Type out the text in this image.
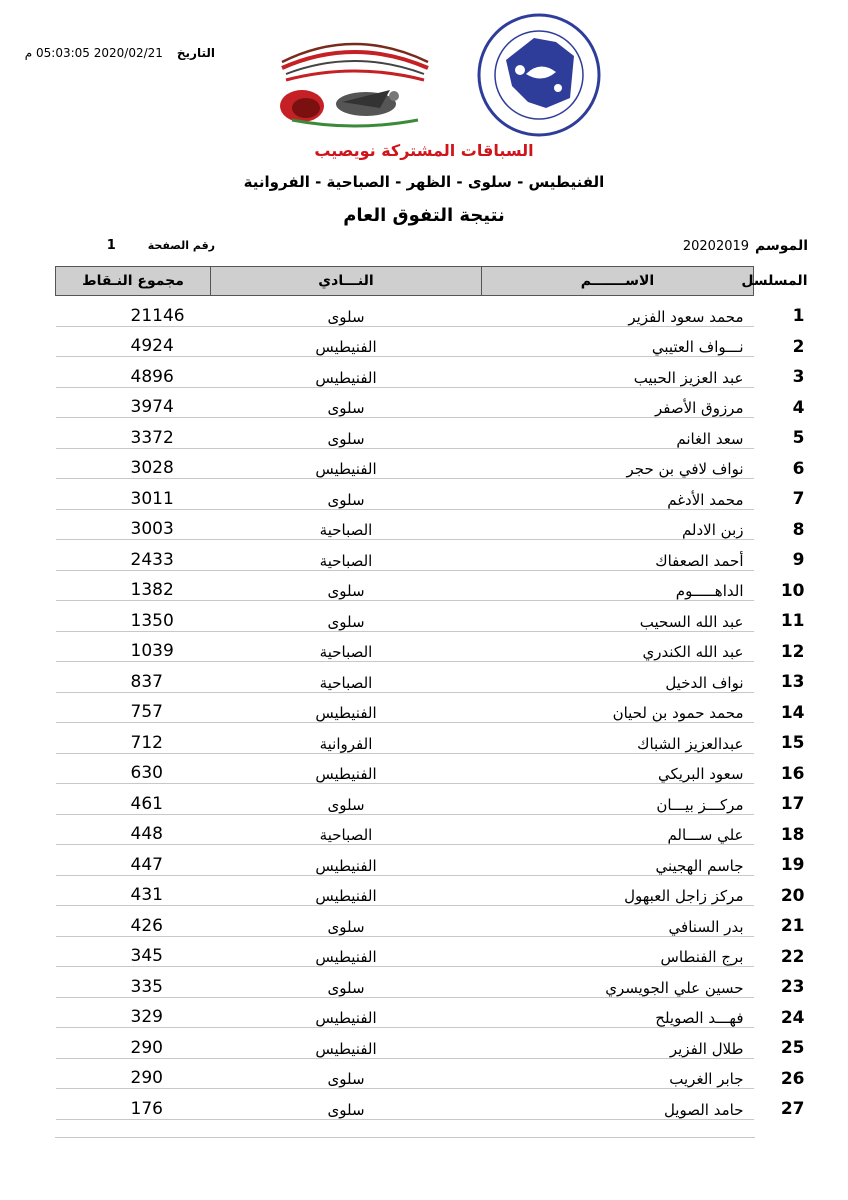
التاريخ2020/02/21 05:03:05 م
السباقات المشتركة نويصيب
الفنيطيس - سلوى - الظهر - الصباحية - الفروانية
نتيجة التفوق العام
الموسم20202019
رقم الصفحة1
المسلسل	الاســـــــم	النـــادي	مجموع النـقاط
1	محمد سعود الفزير	سلوى	21146
2	نـــواف العتيبي	الفنيطيس	4924
3	عبد العزيز الحبيب	الفنيطيس	4896
4	مرزوق الأصفر	سلوى	3974
5	سعد الغانم	سلوى	3372
6	نواف لافي بن حجر	الفنيطيس	3028
7	محمد الأدغم	سلوى	3011
8	زبن الادلم	الصباحية	3003
9	أحمد الصعفاك	الصباحية	2433
10	الداهـــــوم	سلوى	1382
11	عبد الله السحيب	سلوى	1350
12	عبد الله الكندري	الصباحية	1039
13	نواف الدخيل	الصباحية	837
14	محمد حمود بن لحيان	الفنيطيس	757
15	عبدالعزيز الشباك	الفروانية	712
16	سعود البريكي	الفنيطيس	630
17	مركـــز بيـــان	سلوى	461
18	علي ســـالم	الصباحية	448
19	جاسم الهجيني	الفنيطيس	447
20	مركز زاجل العبهول	الفنيطيس	431
21	بدر السنافي	سلوى	426
22	برج الفنطاس	الفنيطيس	345
23	حسين علي الجويسري	سلوى	335
24	فهـــد الصويلح	الفنيطيس	329
25	طلال الفزير	الفنيطيس	290
26	جابر الغريب	سلوى	290
27	حامد الصويل	سلوى	176
